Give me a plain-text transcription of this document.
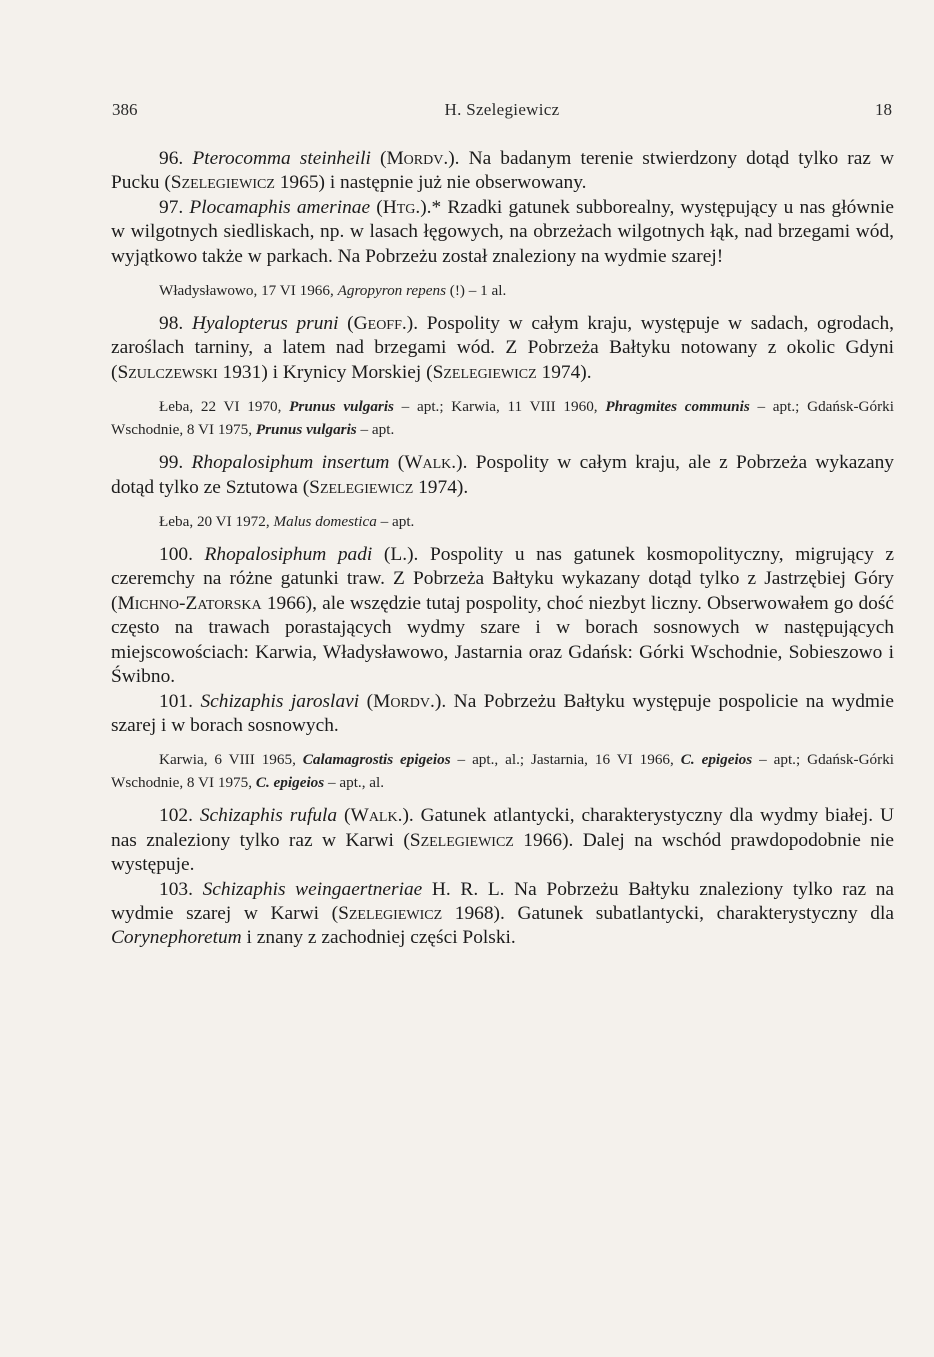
386	H. Szelegiewicz	18

96. Pterocomma steinheili (Mordv.). Na badanym terenie stwierdzony dotąd tylko raz w Pucku (Szelegiewicz 1965) i następnie już nie obserwowany.

97. Plocamaphis amerinae (Htg.).* Rzadki gatunek subborealny, występujący u nas głównie w wilgotnych siedliskach, np. w lasach łęgowych, na obrzeżach wilgotnych łąk, nad brzegami wód, wyjątkowo także w parkach. Na Pobrzeżu został znaleziony na wydmie szarej!

Władysławowo, 17 VI 1966, Agropyron repens (!) – 1 al.

98. Hyalopterus pruni (Geoff.). Pospolity w całym kraju, występuje w sadach, ogrodach, zaroślach tarniny, a latem nad brzegami wód. Z Pobrzeża Bałtyku notowany z okolic Gdyni (Szulczewski 1931) i Krynicy Morskiej (Szelegiewicz 1974).

Łeba, 22 VI 1970, Prunus vulgaris – apt.; Karwia, 11 VIII 1960, Phragmites communis – apt.; Gdańsk-Górki Wschodnie, 8 VI 1975, Prunus vulgaris – apt.

99. Rhopalosiphum insertum (Walk.). Pospolity w całym kraju, ale z Pobrzeża wykazany dotąd tylko ze Sztutowa (Szelegiewicz 1974).

Łeba, 20 VI 1972, Malus domestica – apt.

100. Rhopalosiphum padi (L.). Pospolity u nas gatunek kosmopolityczny, migrujący z czeremchy na różne gatunki traw. Z Pobrzeża Bałtyku wykazany dotąd tylko z Jastrzębiej Góry (Michno-Zatorska 1966), ale wszędzie tutaj pospolity, choć niezbyt liczny. Obserwowałem go dość często na trawach porastających wydmy szare i w borach sosnowych w następujących miejscowościach: Karwia, Władysławowo, Jastarnia oraz Gdańsk: Górki Wschodnie, Sobieszowo i Świbno.

101. Schizaphis jaroslavi (Mordv.). Na Pobrzeżu Bałtyku występuje pospolicie na wydmie szarej i w borach sosnowych.

Karwia, 6 VIII 1965, Calamagrostis epigeios – apt., al.; Jastarnia, 16 VI 1966, C. epigeios – apt.; Gdańsk-Górki Wschodnie, 8 VI 1975, C. epigeios – apt., al.

102. Schizaphis rufula (Walk.). Gatunek atlantycki, charakterystyczny dla wydmy białej. U nas znaleziony tylko raz w Karwi (Szelegiewicz 1966). Dalej na wschód prawdopodobnie nie występuje.

103. Schizaphis weingaertneriae H. R. L. Na Pobrzeżu Bałtyku znaleziony tylko raz na wydmie szarej w Karwi (Szelegiewicz 1968). Gatunek subatlantycki, charakterystyczny dla Corynephoretum i znany z zachodniej części Polski.
